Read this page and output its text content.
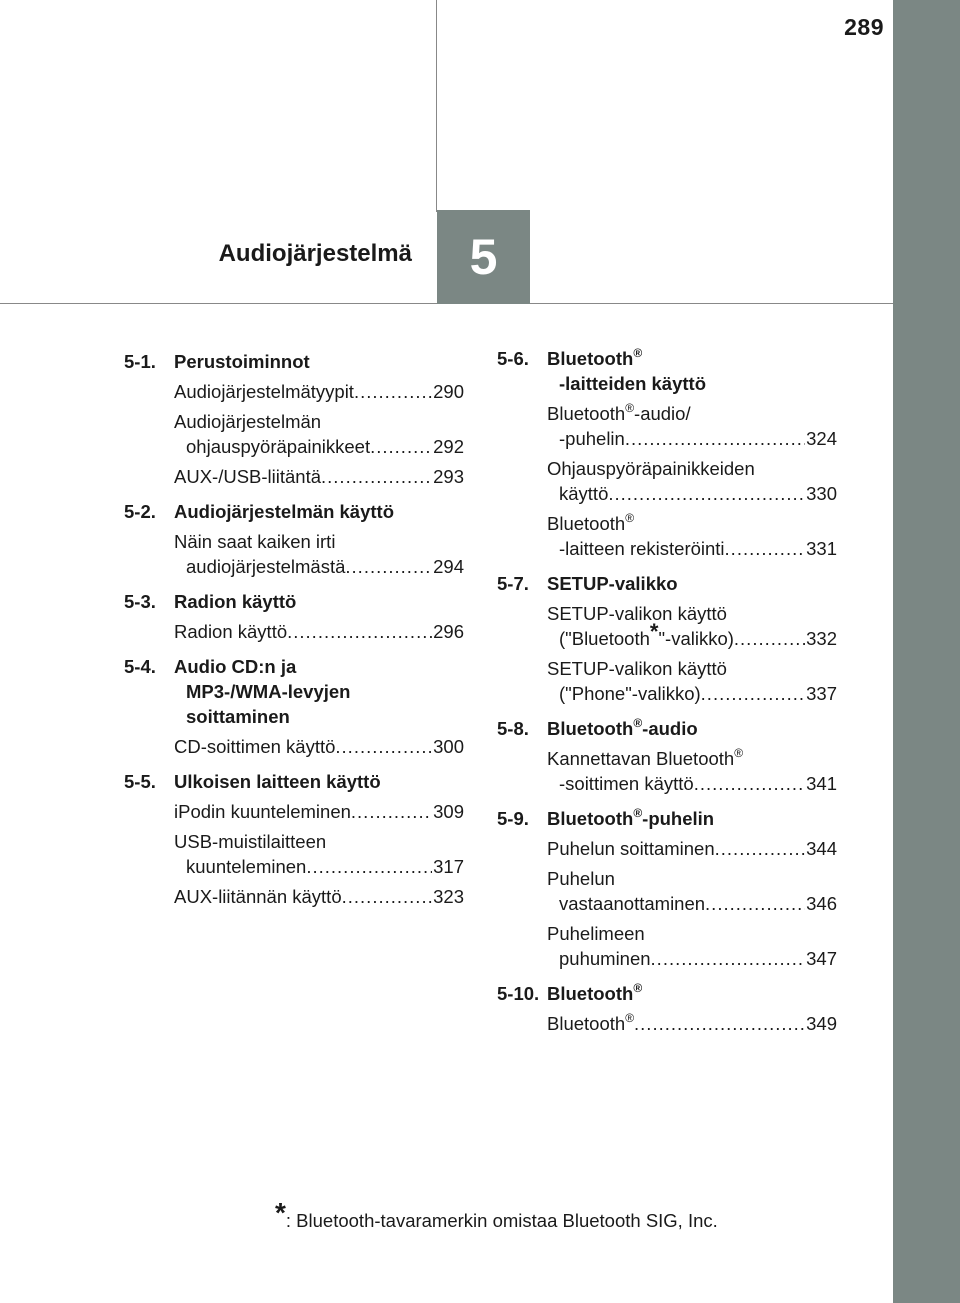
289
5
Audiojärjestelmä
5-1. Perustoiminnot
Audiojärjestelmätyypit .....	290
Audiojärjestelmän
ohjauspyöräpainikkeet .....	292
AUX-/USB-liitäntä .....	293
5-2. Audiojärjestelmän käyttö
Näin saat kaiken irti
audiojärjestelmästä .....	294
5-3. Radion käyttö
Radion käyttö .....	296
5-4. Audio CD:n ja
MP3-/WMA-levyjen
soittaminen
CD-soittimen käyttö .....	300
5-5. Ulkoisen laitteen käyttö
iPodin kuunteleminen .....	309
USB-muistilaitteen
kuunteleminen .....	317
AUX-liitännän käyttö .....	323
5-6. Bluetooth®
-laitteiden käyttö
Bluetooth®-audio/
-puhelin .....	324
Ohjauspyöräpainikkeiden
käyttö .....	330
Bluetooth®
-laitteen rekisteröinti .....	331
5-7. SETUP-valikko
SETUP-valikon käyttö
("Bluetooth*"-valikko) .....	332
SETUP-valikon käyttö
("Phone"-valikko) .....	337
5-8. Bluetooth®-audio
Kannettavan Bluetooth®
-soittimen käyttö .....	341
5-9. Bluetooth®-puhelin
Puhelun soittaminen .....	344
Puhelun
vastaanottaminen .....	346
Puhelimeen
puhuminen .....	347
5-10. Bluetooth®
Bluetooth® .....	349
*: Bluetooth-tavaramerkin omistaa Bluetooth SIG, Inc.
